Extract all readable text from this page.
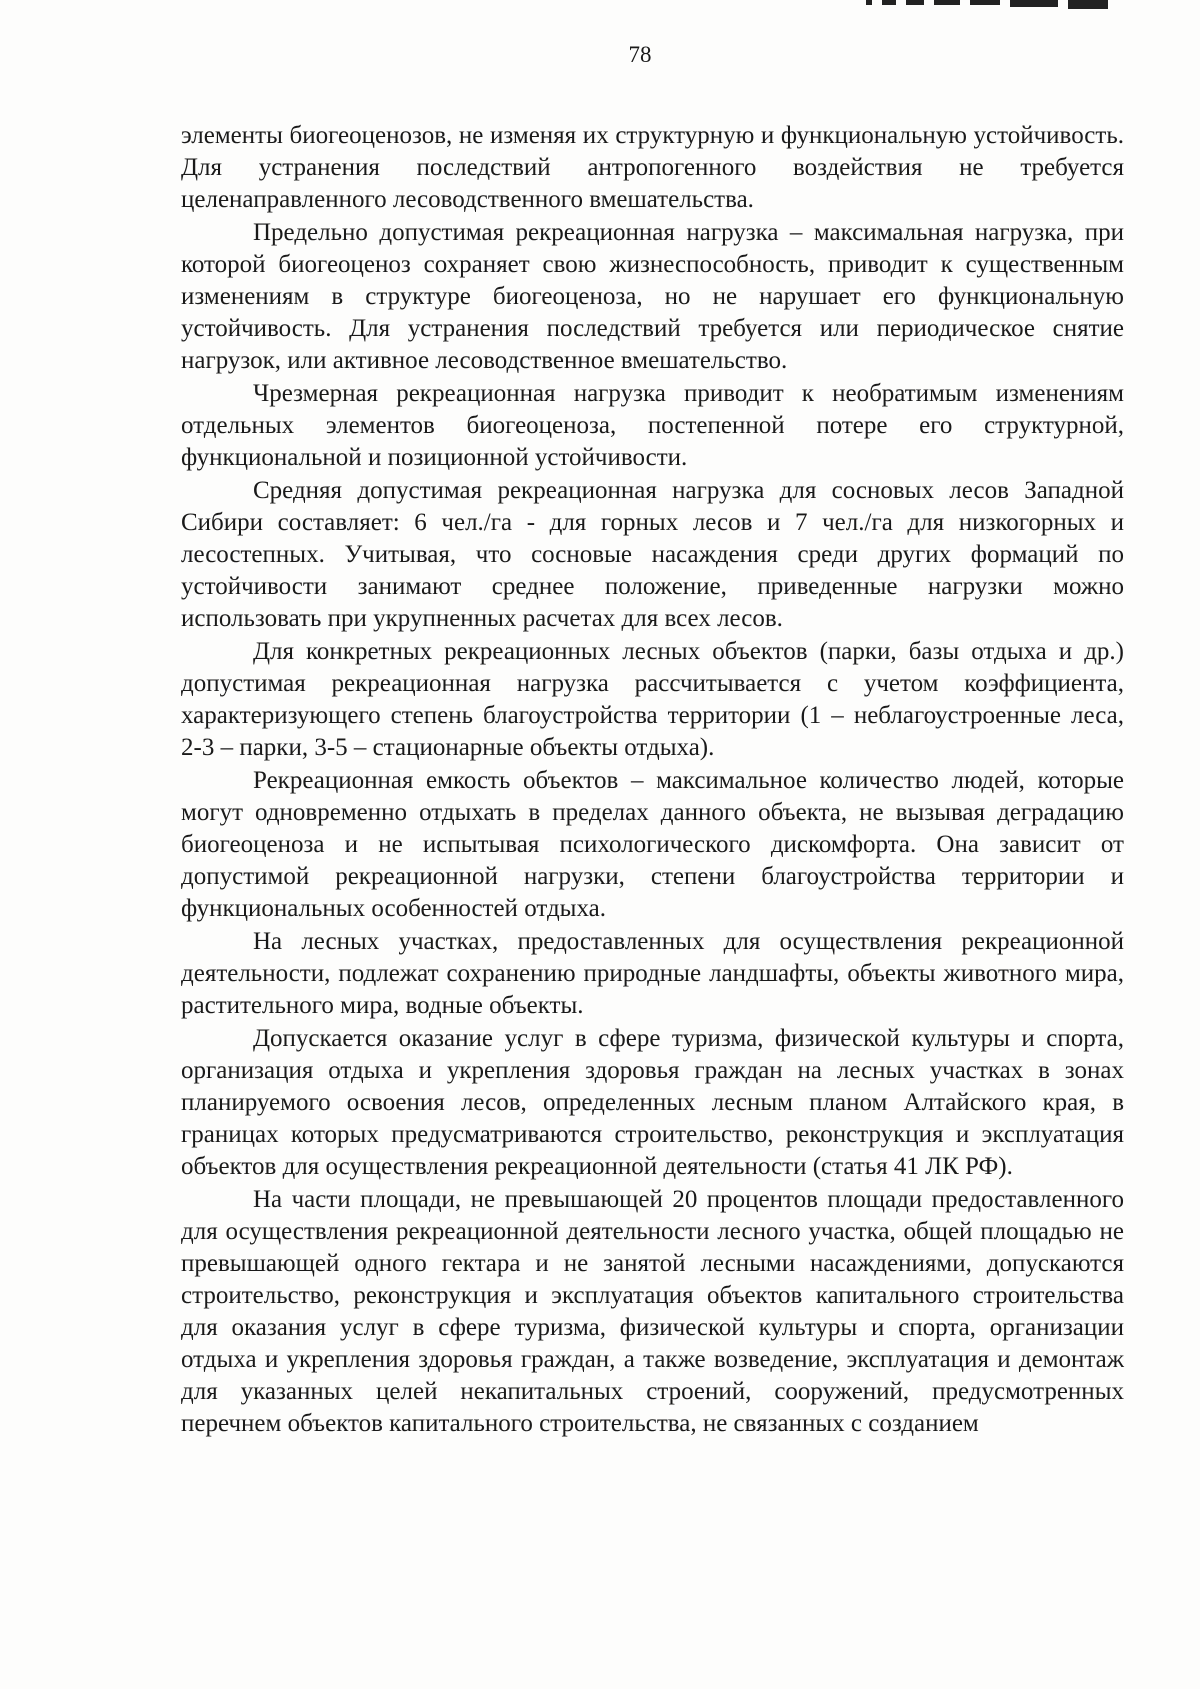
78

элементы биогеоценозов, не изменяя их структурную и функциональную устойчивость. Для устранения последствий антропогенного воздействия не требуется целенаправленного лесоводственного вмешательства.

Предельно допустимая рекреационная нагрузка – максимальная нагрузка, при которой биогеоценоз сохраняет свою жизнеспособность, приводит к существенным изменениям в структуре биогеоценоза, но не нарушает его функциональную устойчивость. Для устранения последствий требуется или периодическое снятие нагрузок, или активное лесоводственное вмешательство.

Чрезмерная рекреационная нагрузка приводит к необратимым изменениям отдельных элементов биогеоценоза, постепенной потере его структурной, функциональной и позиционной устойчивости.

Средняя допустимая рекреационная нагрузка для сосновых лесов Западной Сибири составляет: 6 чел./га - для горных лесов и 7 чел./га для низкогорных и лесостепных. Учитывая, что сосновые насаждения среди других формаций по устойчивости занимают среднее положение, приведенные нагрузки можно использовать при укрупненных расчетах для всех лесов.

Для конкретных рекреационных лесных объектов (парки, базы отдыха и др.) допустимая рекреационная нагрузка рассчитывается с учетом коэффициента, характеризующего степень благоустройства территории (1 – неблагоустроенные леса, 2-3 – парки, 3-5 – стационарные объекты отдыха).

Рекреационная емкость объектов – максимальное количество людей, которые могут одновременно отдыхать в пределах данного объекта, не вызывая деградацию биогеоценоза и не испытывая психологического дискомфорта. Она зависит от допустимой рекреационной нагрузки, степени благоустройства территории и функциональных особенностей отдыха.

На лесных участках, предоставленных для осуществления рекреационной деятельности, подлежат сохранению природные ландшафты, объекты животного мира, растительного мира, водные объекты.

Допускается оказание услуг в сфере туризма, физической культуры и спорта, организация отдыха и укрепления здоровья граждан на лесных участках в зонах планируемого освоения лесов, определенных лесным планом Алтайского края, в границах которых предусматриваются строительство, реконструкция и эксплуатация объектов для осуществления рекреационной деятельности (статья 41 ЛК РФ).

На части площади, не превышающей 20 процентов площади предоставленного для осуществления рекреационной деятельности лесного участка, общей площадью не превышающей одного гектара и не занятой лесными насаждениями, допускаются строительство, реконструкция и эксплуатация объектов капитального строительства для оказания услуг в сфере туризма, физической культуры и спорта, организации отдыха и укрепления здоровья граждан, а также возведение, эксплуатация и демонтаж для указанных целей некапитальных строений, сооружений, предусмотренных перечнем объектов капитального строительства, не связанных с созданием
